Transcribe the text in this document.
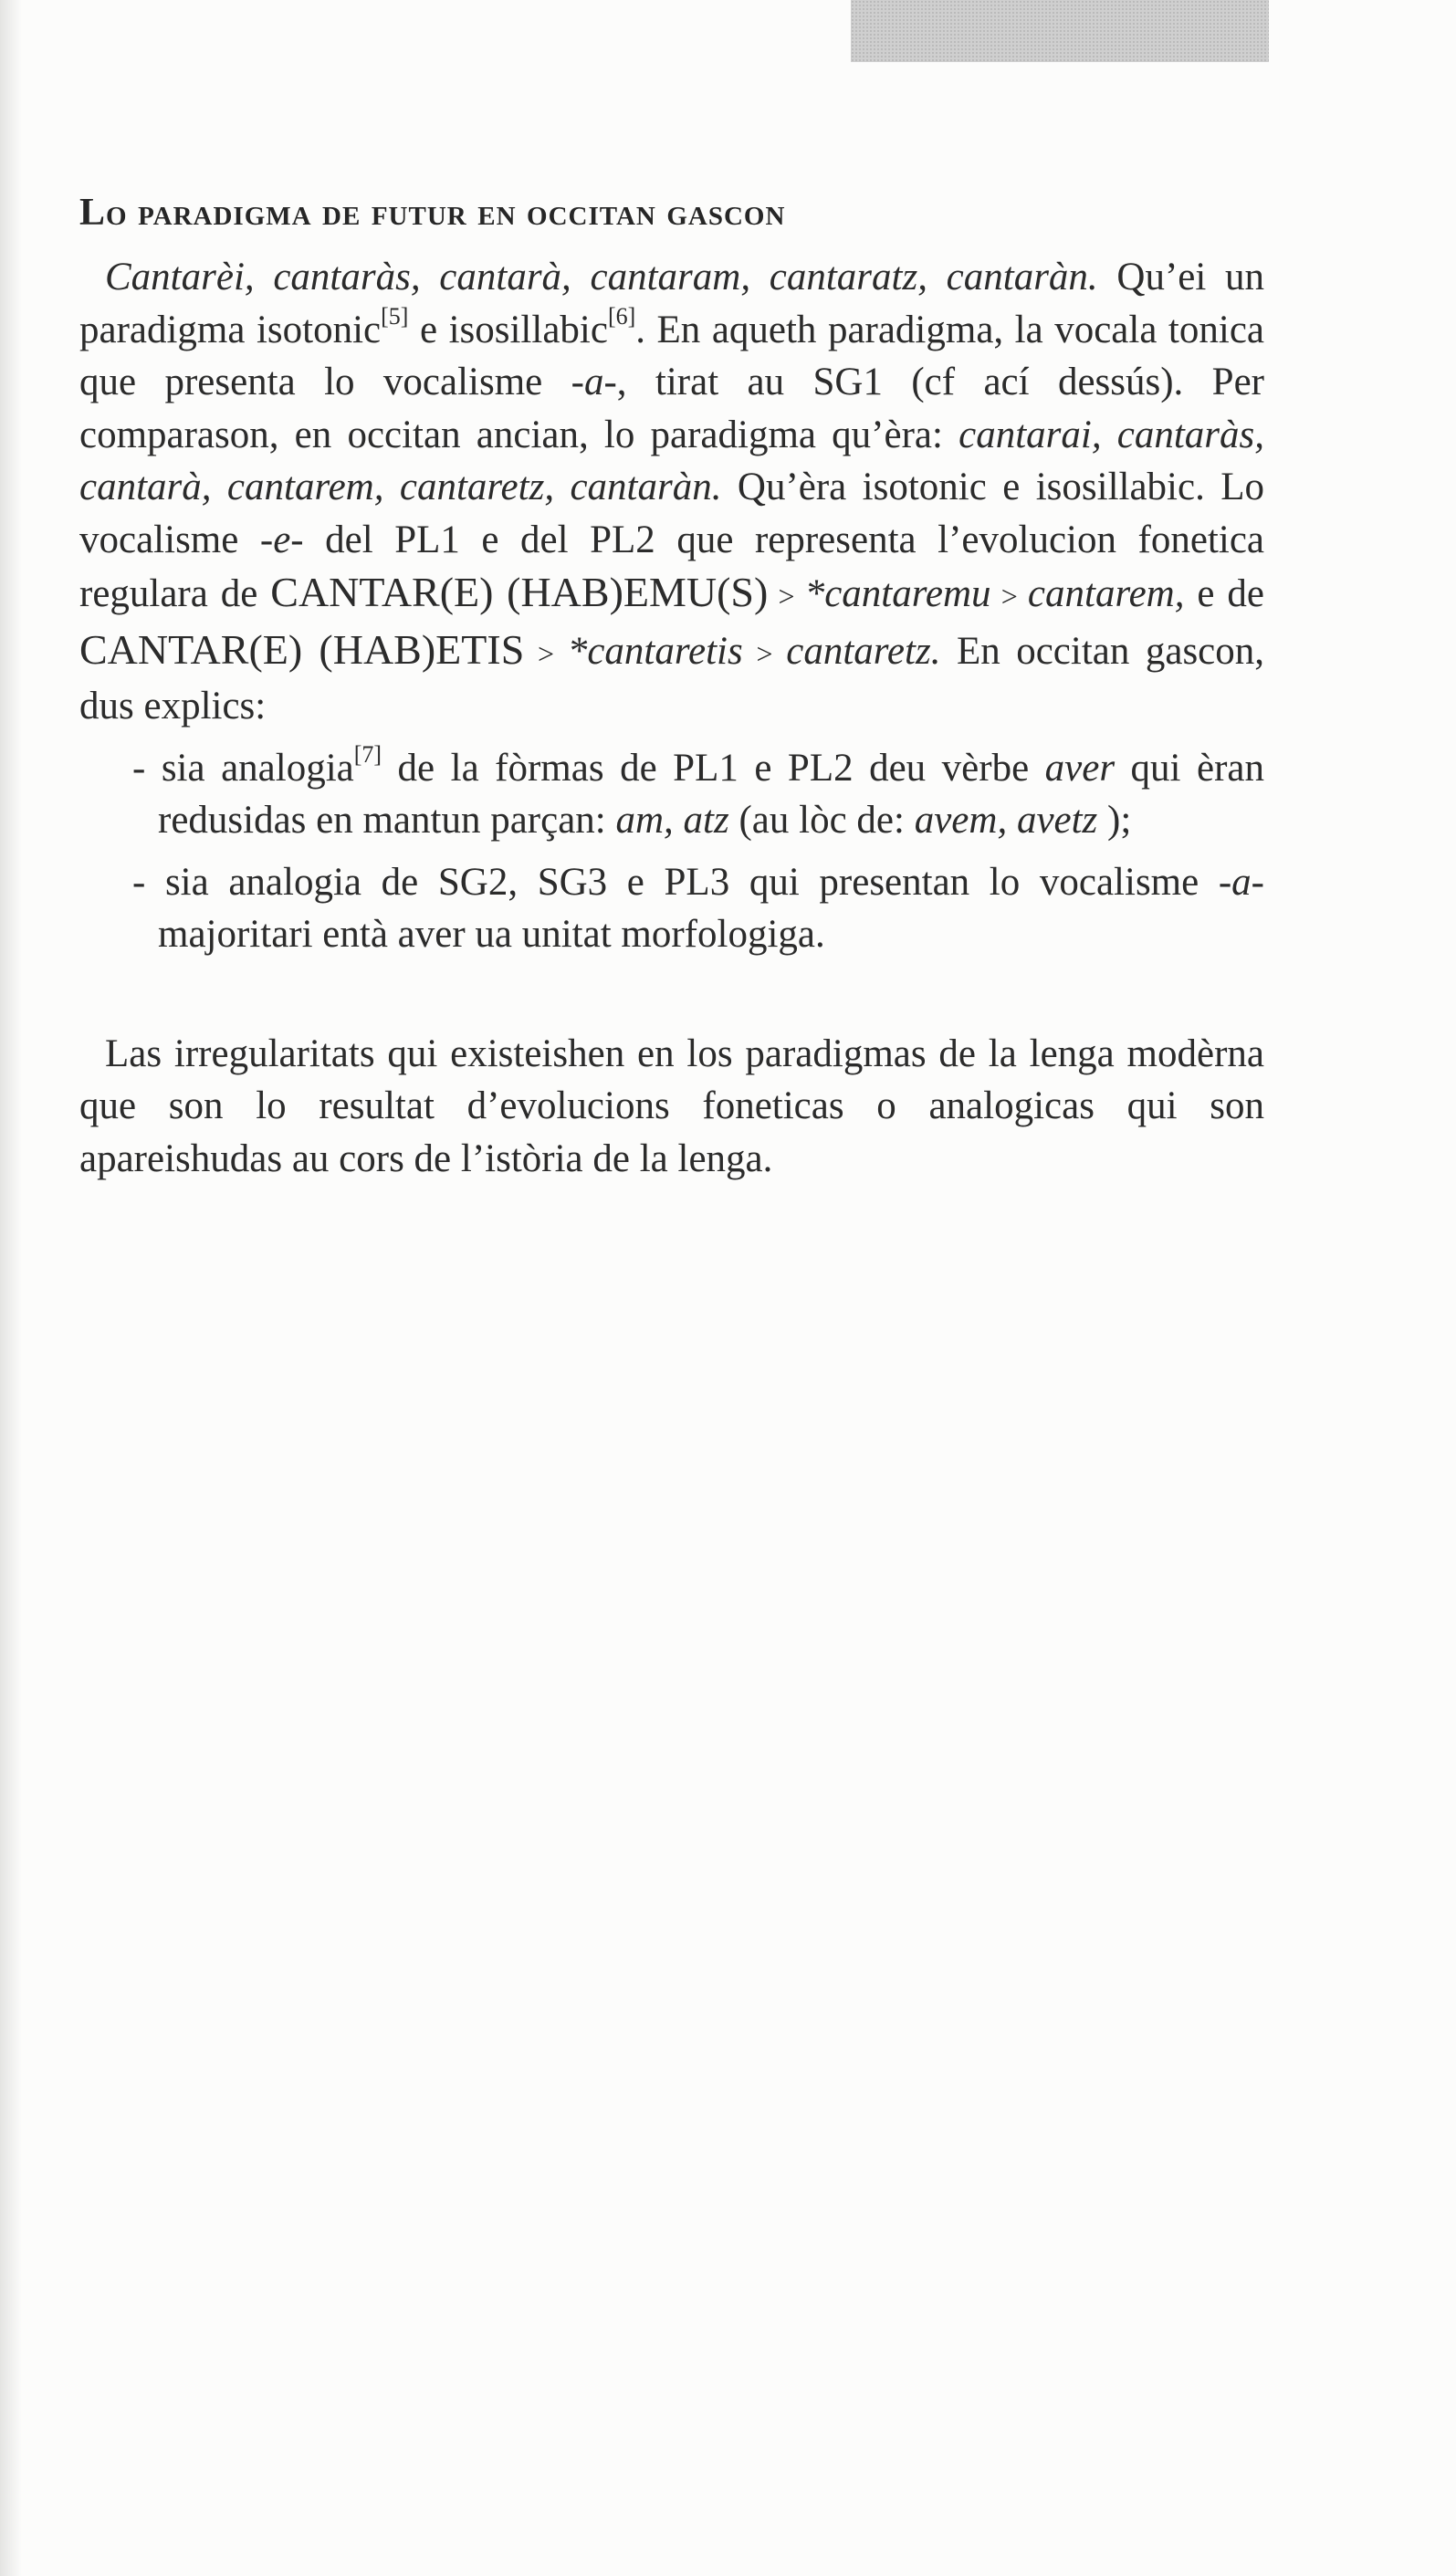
Lo paradigma de futur en occitan gascon

Cantarèi, cantaràs, cantarà, cantaram, cantaratz, cantaràn. Qu’ei un paradigma isotonic[5] e isosillabic[6]. En aqueth paradigma, la vocala tonica que presenta lo vocalisme -a-, tirat au SG1 (cf ací dessús). Per comparason, en occitan ancian, lo paradigma qu’èra: cantarai, cantaràs, cantarà, cantarem, cantaretz, cantaràn. Qu’èra isotonic e isosillabic. Lo vocalisme -e- del PL1 e del PL2 que representa l’evolucion fonetica regulara de CANTAR(E) (HAB)EMU(S) > *cantaremu > cantarem, e de CANTAR(E) (HAB)ETIS > *cantaretis > cantaretz. En occitan gascon, dus explics:

- sia analogia[7] de la fòrmas de PL1 e PL2 deu vèrbe aver qui èran redusidas en mantun parçan: am, atz (au lòc de: avem, avetz );
- sia analogia de SG2, SG3 e PL3 qui presentan lo vocalisme -a- majoritari entà aver ua unitat morfologiga.

Las irregularitats qui existeishen en los paradigmas de la lenga modèrna que son lo resultat d’evolucions foneticas o analogicas qui son apareishudas au cors de l’istòria de la lenga.
